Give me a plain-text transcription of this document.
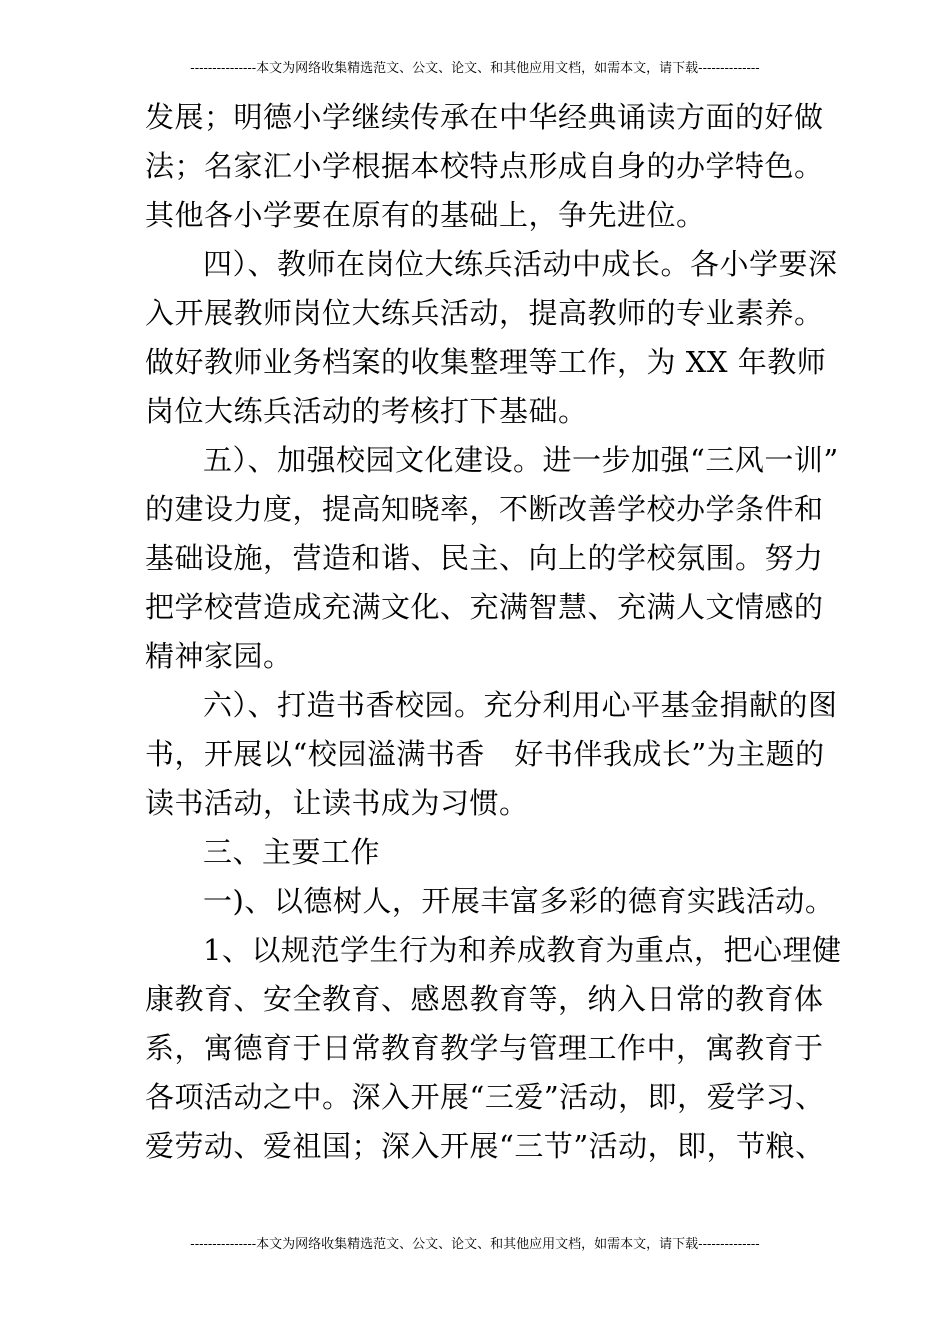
---------------本文为网络收集精选范文、公文、论文、和其他应用文档，如需本文，请下载--------------
发展；明德小学继续传承在中华经典诵读方面的好做
法；名家汇小学根据本校特点形成自身的办学特色。
其他各小学要在原有的基础上，争先进位。
四）、教师在岗位大练兵活动中成长。各小学要深
入开展教师岗位大练兵活动，提高教师的专业素养。
做好教师业务档案的收集整理等工作，为 XX 年教师
岗位大练兵活动的考核打下基础。
五）、加强校园文化建设。进一步加强“三风一训”
的建设力度，提高知晓率，不断改善学校办学条件和
基础设施，营造和谐、民主、向上的学校氛围。努力
把学校营造成充满文化、充满智慧、充满人文情感的
精神家园。
六）、打造书香校园。充分利用心平基金捐献的图
书，开展以“校园溢满书香　好书伴我成长”为主题的
读书活动，让读书成为习惯。
三、主要工作
一)、以德树人，开展丰富多彩的德育实践活动。
1、以规范学生行为和养成教育为重点，把心理健
康教育、安全教育、感恩教育等，纳入日常的教育体
系，寓德育于日常教育教学与管理工作中，寓教育于
各项活动之中。深入开展“三爱”活动，即，爱学习、
爱劳动、爱祖国；深入开展“三节”活动，即，节粮、
---------------本文为网络收集精选范文、公文、论文、和其他应用文档，如需本文，请下载--------------
